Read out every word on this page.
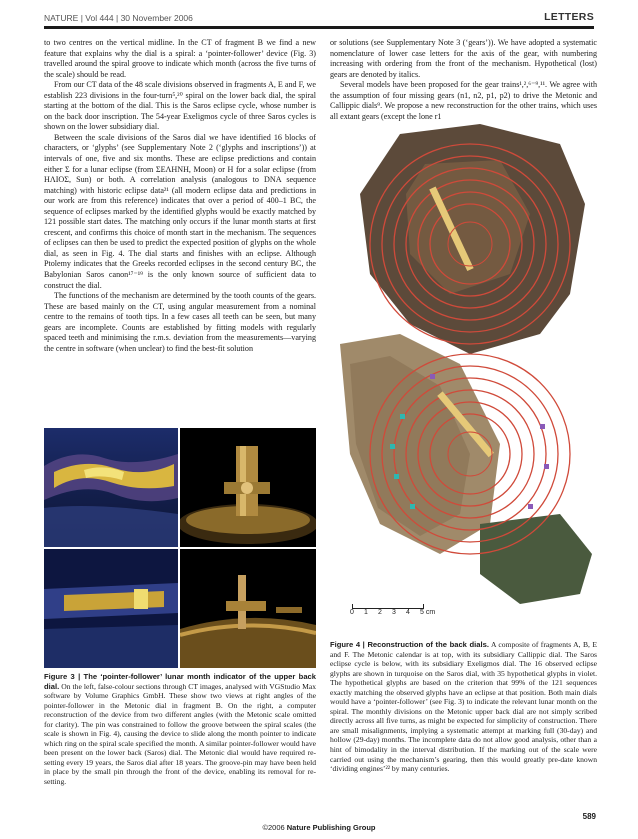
NATURE | Vol 444 | 30 November 2006	LETTERS

to two centres on the vertical midline. In the CT of fragment B we find a new feature that explains why the dial is a spiral: a ‘pointer-follower’ device (Fig. 3) travelled around the spiral groove to indicate which month (across the five turns of the scale) should be read.

From our CT data of the 48 scale divisions observed in fragments A, E and F, we establish 223 divisions in the four-turn⁵,²⁰ spiral on the lower back dial, the spiral starting at the bottom of the dial. This is the Saros eclipse cycle, whose number is on the back door inscription. The 54-year Exeligmos cycle of three Saros cycles is shown on the lower subsidiary dial.

Between the scale divisions of the Saros dial we have identified 16 blocks of characters, or ‘glyphs’ (see Supplementary Note 2 (‘glyphs and inscriptions’)) at intervals of one, five and six months. These are eclipse predictions and contain either Σ for a lunar eclipse (from ΣΕΛΗΝΗ, Moon) or Η for a solar eclipse (from ΗΛΙΟΣ, Sun) or both. A correlation analysis (analogous to DNA sequence matching) with historic eclipse data²¹ (all modern eclipse data and predictions in our work are from this reference) indicates that over a period of 400–1 BC, the sequence of eclipses marked by the identified glyphs would be exactly matched by 121 possible start dates. The matching only occurs if the lunar month starts at first crescent, and confirms this choice of month start in the mechanism. The sequences of eclipses can then be used to predict the expected position of glyphs on the whole dial, as seen in Fig. 4. The dial starts and finishes with an eclipse. Although Ptolemy indicates that the Greeks recorded eclipses in the second century BC, the Babylonian Saros canon¹⁷⁻¹⁹ is the only known source of sufficient data to construct the dial.

The functions of the mechanism are determined by the tooth counts of the gears. These are based mainly on the CT, using angular measurement from a nominal centre to the remains of tooth tips. In a few cases all teeth can be seen, but many gears are incomplete. Counts are established by fitting models with regularly spaced teeth and minimising the r.m.s. deviation from the measurements—varying the centre in software (when unclear) to find the best-fit solution

or solutions (see Supplementary Note 3 (‘gears’)). We have adopted a systematic nomenclature of lower case letters for the axis of the gear, with numbering increasing with ordering from the front of the mechanism. Hypothetical (lost) gears are denoted by italics.

Several models have been proposed for the gear trains¹,²,⁶⁻⁹,¹¹. We agree with the assumption of four missing gears (n1, n2, p1, p2) to drive the Metonic and Callippic dials⁹. We propose a new reconstruction for the other trains, which uses all extant gears (except the lone r1

0 1 2 3 4 5 cm
Figure 3 | The ‘pointer-follower’ lunar month indicator of the upper back dial. On the left, false-colour sections through CT images, analysed with VGStudio Max software by Volume Graphics GmbH. These show two views at right angles of the pointer-follower in the Metonic dial in fragment B. On the right, a computer reconstruction of the device from two different angles (with the Metonic scale omitted for clarity). The pin was constrained to follow the groove between the spiral scales (the scale is shown in Fig. 4), causing the device to slide along the month pointer to indicate which ring on the spiral scale specified the month. A similar pointer-follower would have been present on the lower back (Saros) dial. The Metonic dial would have required re-setting every 19 years, the Saros dial after 18 years. The groove-pin may have been held in place by the small pin through the front of the device, enabling its removal for re-setting.
Figure 4 | Reconstruction of the back dials. A composite of fragments A, B, E and F. The Metonic calendar is at top, with its subsidiary Callippic dial. The Saros eclipse cycle is below, with its subsidiary Exeligmos dial. The 16 observed eclipse glyphs are shown in turquoise on the Saros dial, with 35 hypothetical glyphs in violet. The hypothetical glyphs are based on the criterion that 99% of the 121 sequences exactly matching the observed glyphs have an eclipse at that position. Both main dials would have a ‘pointer-follower’ (see Fig. 3) to indicate the relevant lunar month on the spiral. The monthly divisions on the Metonic upper back dial are not simply scribed directly across all five turns, as might be expected for simplicity of construction. There are small misalignments, implying a systematic attempt at marking full (30-day) and hollow (29-day) months. The incomplete data do not allow good analysis, other than a hint of bimodality in the interval distribution. If the marking out of the scale were carried out using the mechanism’s gearing, then this would greatly pre-date known ‘dividing engines’²² by many centuries.
589
©2006 Nature Publishing Group
